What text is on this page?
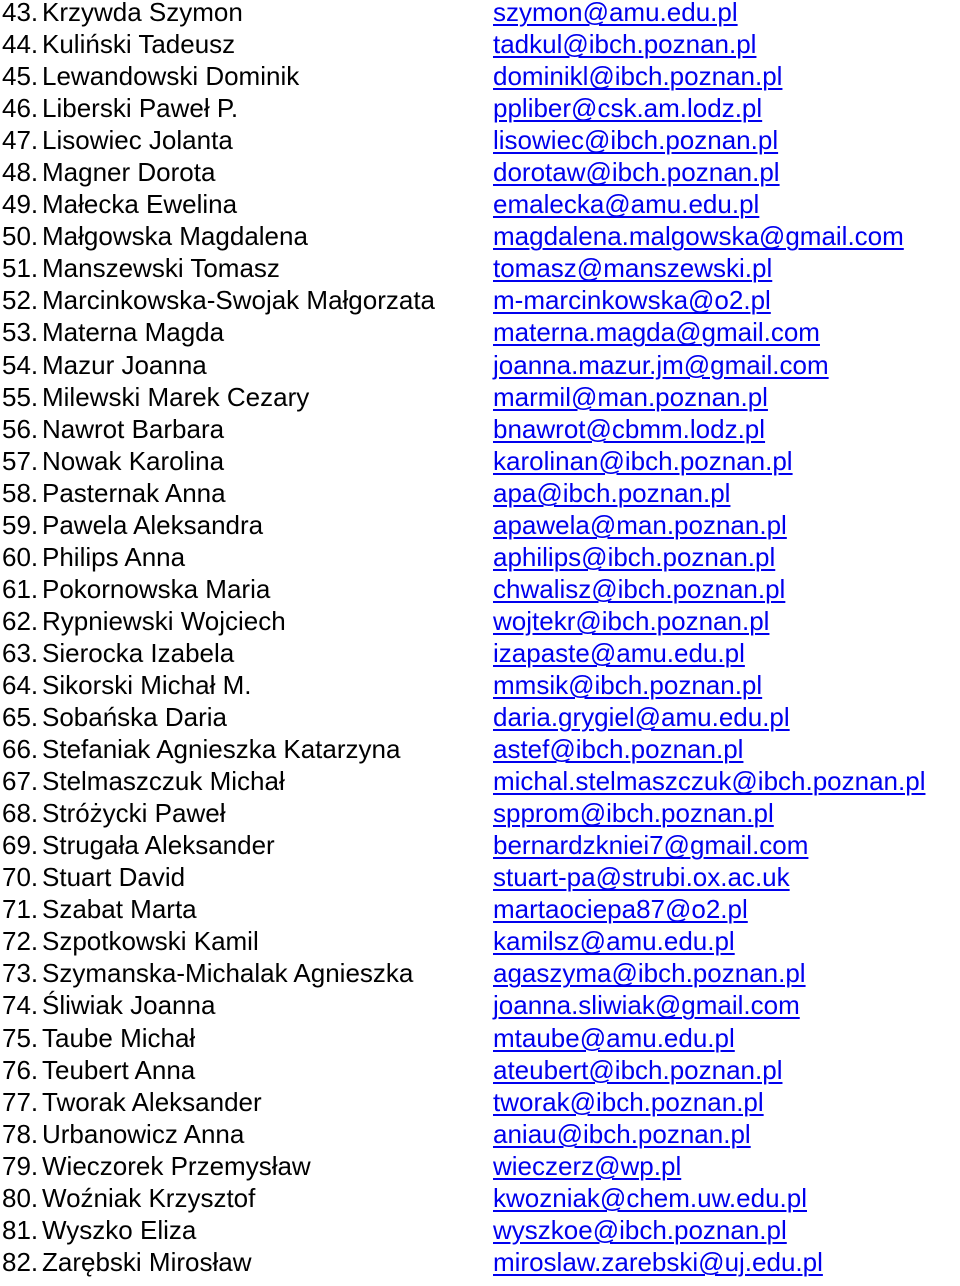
43. Krzywda Szymon	szymon@amu.edu.pl
44. Kuliński Tadeusz	tadkul@ibch.poznan.pl
45. Lewandowski Dominik	dominikl@ibch.poznan.pl
46. Liberski Paweł P.	ppliber@csk.am.lodz.pl
47. Lisowiec Jolanta	lisowiec@ibch.poznan.pl
48. Magner Dorota	dorotaw@ibch.poznan.pl
49. Małecka Ewelina	emalecka@amu.edu.pl
50. Małgowska Magdalena	magdalena.malgowska@gmail.com
51. Manszewski Tomasz	tomasz@manszewski.pl
52. Marcinkowska-Swojak Małgorzata m-marcinkowska@o2.pl
53. Materna Magda	materna.magda@gmail.com
54. Mazur Joanna	joanna.mazur.jm@gmail.com
55. Milewski Marek Cezary	marmil@man.poznan.pl
56. Nawrot Barbara	bnawrot@cbmm.lodz.pl
57. Nowak Karolina	karolinan@ibch.poznan.pl
58. Pasternak Anna	apa@ibch.poznan.pl
59. Pawela Aleksandra	apawela@man.poznan.pl
60. Philips Anna	aphilips@ibch.poznan.pl
61. Pokornowska Maria	chwalisz@ibch.poznan.pl
62. Rypniewski Wojciech	wojtekr@ibch.poznan.pl
63. Sierocka Izabela	izapaste@amu.edu.pl
64. Sikorski Michał M.	mmsik@ibch.poznan.pl
65. Sobańska Daria	daria.grygiel@amu.edu.pl
66. Stefaniak Agnieszka Katarzyna	astef@ibch.poznan.pl
67. Stelmaszczuk Michał	michal.stelmaszczuk@ibch.poznan.pl
68. Stróżycki Paweł	spprom@ibch.poznan.pl
69. Strugała Aleksander	bernardzkniei7@gmail.com
70. Stuart David	stuart-pa@strubi.ox.ac.uk
71. Szabat Marta	martaociepa87@o2.pl
72. Szpotkowski Kamil	kamilsz@amu.edu.pl
73. Szymanska-Michalak Agnieszka	agaszyma@ibch.poznan.pl
74. Śliwiak Joanna	joanna.sliwiak@gmail.com
75. Taube Michał	mtaube@amu.edu.pl
76. Teubert Anna	ateubert@ibch.poznan.pl
77. Tworak Aleksander	tworak@ibch.poznan.pl
78. Urbanowicz Anna	aniau@ibch.poznan.pl
79. Wieczorek Przemysław	wieczerz@wp.pl
80. Woźniak Krzysztof	kwozniak@chem.uw.edu.pl
81. Wyszko Eliza	wyszkoe@ibch.poznan.pl
82. Zarębski Mirosław	miroslaw.zarebski@uj.edu.pl
